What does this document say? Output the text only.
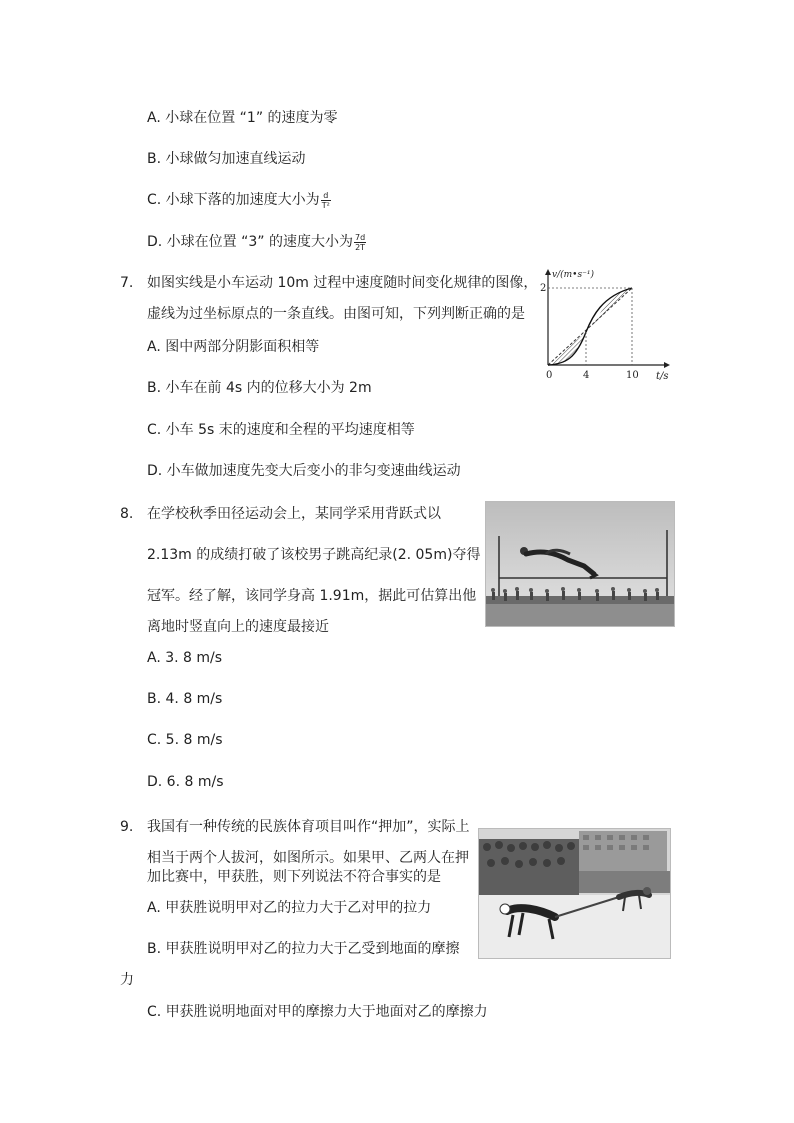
A. 小球在位置 “1” 的速度为零
B. 小球做匀加速直线运动
C. 小球下落的加速度大小为 $\frac{d}{\text{T²}}$
D. 小球在位置 “3” 的速度大小为 $\frac{7d}{2T}$
7. 如图实线是小车运动 10m 过程中速度随时间变化规律的图像，
虚线为过坐标原点的一条直线。由图可知，下列判断正确的是
A. 图中两部分阴影面积相等
B. 小车在前 4s 内的位移大小为 2m
C. 小车 5s 末的速度和全程的平均速度相等
D. 小车做加速度先变大后变小的非匀变速曲线运动
v/(m•s⁻¹)
t/s
0	4	10
2
8. 在学校秋季田径运动会上，某同学采用背跃式以
2.13m 的成绩打破了该校男子跳高纪录(2. 05m)夺得
冠军。经了解，该同学身高 1.91m，据此可估算出他
离地时竖直向上的速度最接近
A. 3. 8 m/s
B. 4. 8 m/s
C. 5. 8 m/s
D. 6. 8 m/s
9. 我国有一种传统的民族体育项目叫作“押加”，实际上
相当于两个人拔河，如图所示。如果甲、乙两人在押
加比赛中，甲获胜，则下列说法不符合事实的是
A. 甲获胜说明甲对乙的拉力大于乙对甲的拉力
B. 甲获胜说明甲对乙的拉力大于乙受到地面的摩擦
力
C. 甲获胜说明地面对甲的摩擦力大于地面对乙的摩擦力
